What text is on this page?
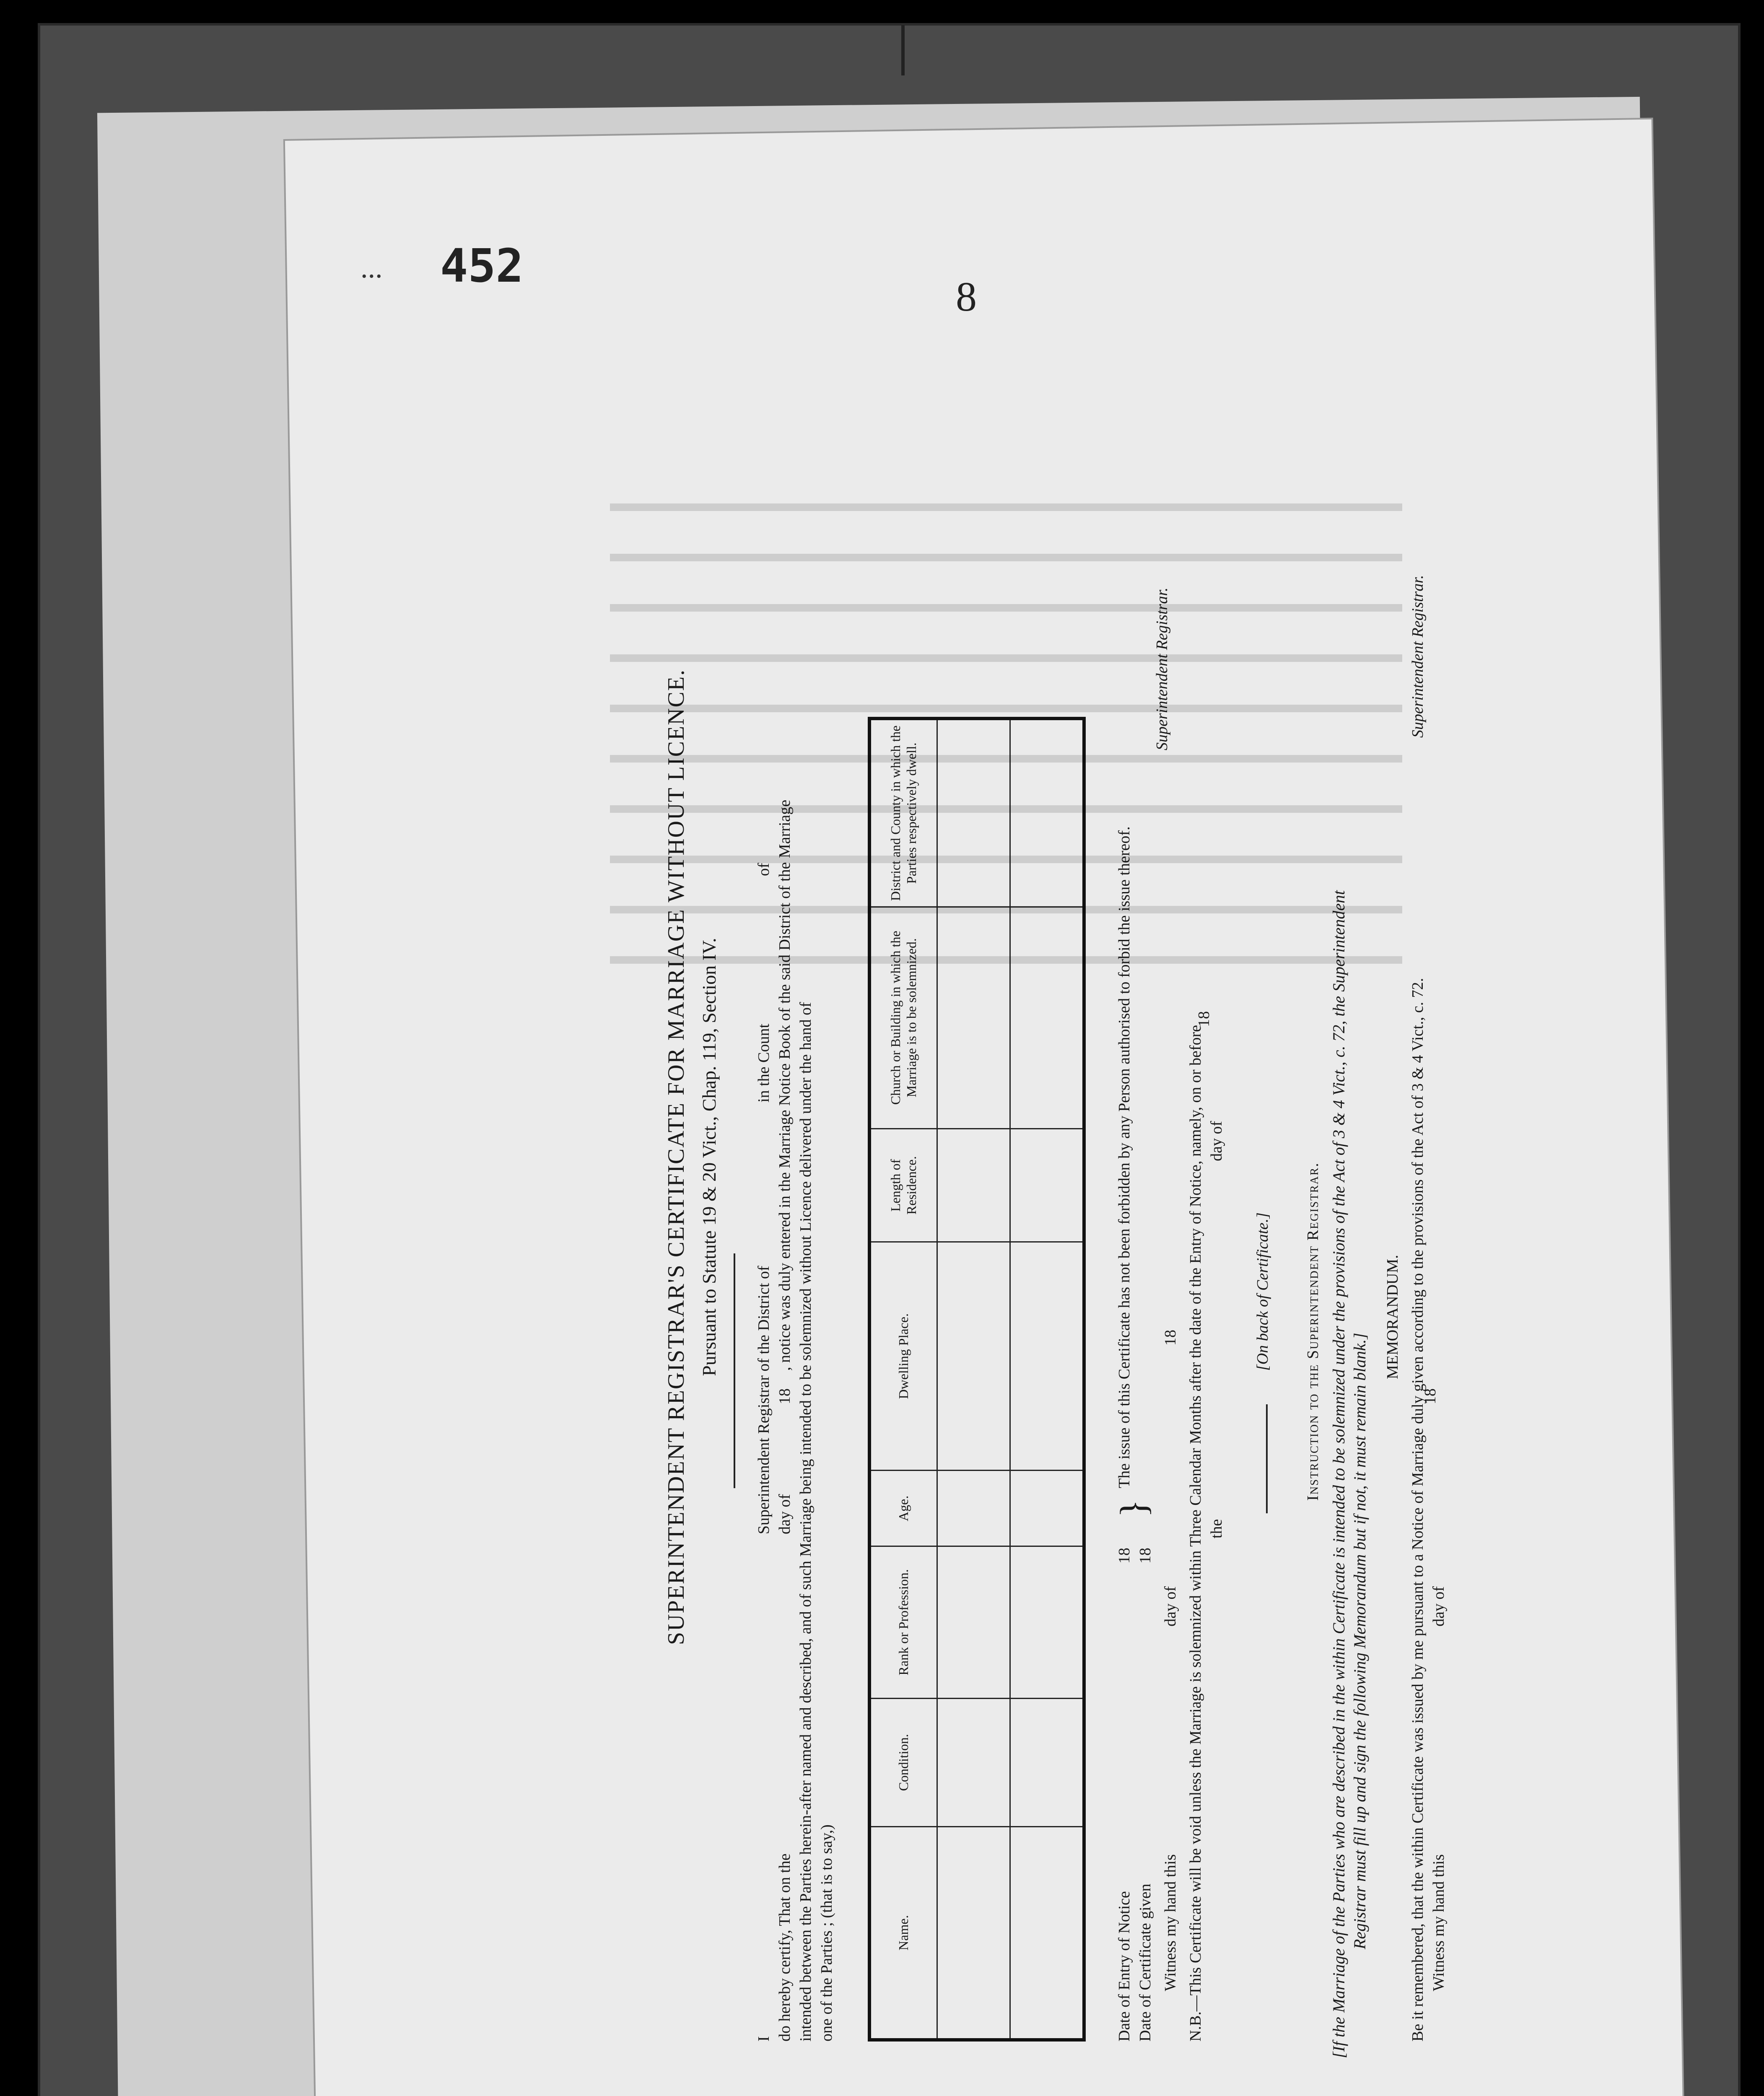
... 452
8
SUPERINTENDENT REGISTRAR'S CERTIFICATE FOR MARRIAGE WITHOUT LICENCE. Pursuant to Statute 19 & 20 Vict., Chap. 119, Section IV.
I
Superintendent Registrar of the District of
in the Count
of
do hereby certify, That on the
day of
18
, notice was duly entered in the Marriage Notice Book of the said District of the Marriage intended between the Parties herein-after named and described, and of such Marriage being intended to be solemnized without Licence delivered under the hand of one of the Parties ; (that is to say,)	Name.	Condition.	Rank or Profession.	Age.	Dwelling Place.	Length of Residence.	Church or Building in which the Marriage is to be solemnized.	District and County in which the Parties respectively dwell.

Date of Entry of Notice
18
Date of Certificate given
18
}
The issue of this Certificate has not been forbidden by any Person authorised to forbid the issue thereof.
Witness my hand this
day of
18
Superintendent Registrar.
N.B.—This Certificate will be void unless the Marriage is solemnized within Three Calendar Months after the date of the Entry of Notice, namely, on or before the
day of
18
[On back of Certificate.] Instruction to the Superintendent Registrar. [If the Marriage of the Parties who are described in the within Certificate is intended to be solemnized under the provisions of the Act of 3 & 4 Vict., c. 72, the Superintendent Registrar must fill up and sign the following Memorandum but if not, it must remain blank.]
MEMORANDUM. Be it remembered, that the within Certificate was issued by me pursuant to a Notice of Marriage duly given according to the provisions of the Act of 3 & 4 Vict., c. 72.
Superintendent Registrar.
Witness my hand this
day of
18
